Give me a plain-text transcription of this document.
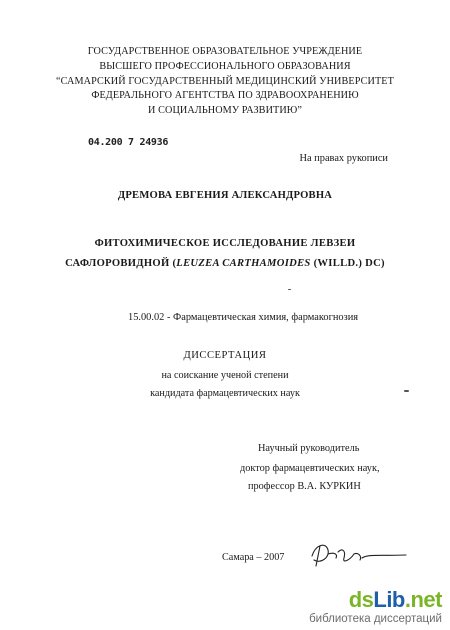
ГОСУДАРСТВЕННОЕ ОБРАЗОВАТЕЛЬНОЕ УЧРЕЖДЕНИЕ
ВЫСШЕГО ПРОФЕССИОНАЛЬНОГО ОБРАЗОВАНИЯ
“САМАРСКИЙ ГОСУДАРСТВЕННЫЙ МЕДИЦИНСКИЙ УНИВЕРСИТЕТ
ФЕДЕРАЛЬНОГО АГЕНТСТВА ПО ЗДРАВООХРАНЕНИЮ
И СОЦИАЛЬНОМУ РАЗВИТИЮ”
04.200 7 24936
На правах рукописи
ДРЕМОВА ЕВГЕНИЯ АЛЕКСАНДРОВНА
ФИТОХИМИЧЕСКОЕ ИССЛЕДОВАНИЕ ЛЕВЗЕИ
САФЛОРОВИДНОЙ (LEUZEA CARTHAMOIDES (WILLD.) DC)
15.00.02 - Фармацевтическая химия, фармакогнозия
ДИССЕРТАЦИЯ
на соискание ученой степени
кандидата фармацевтических наук
Научный руководитель
доктор фармацевтических наук,
профессор В.А. КУРКИН
Самара – 2007
dsLib.net
библиотека диссертаций
